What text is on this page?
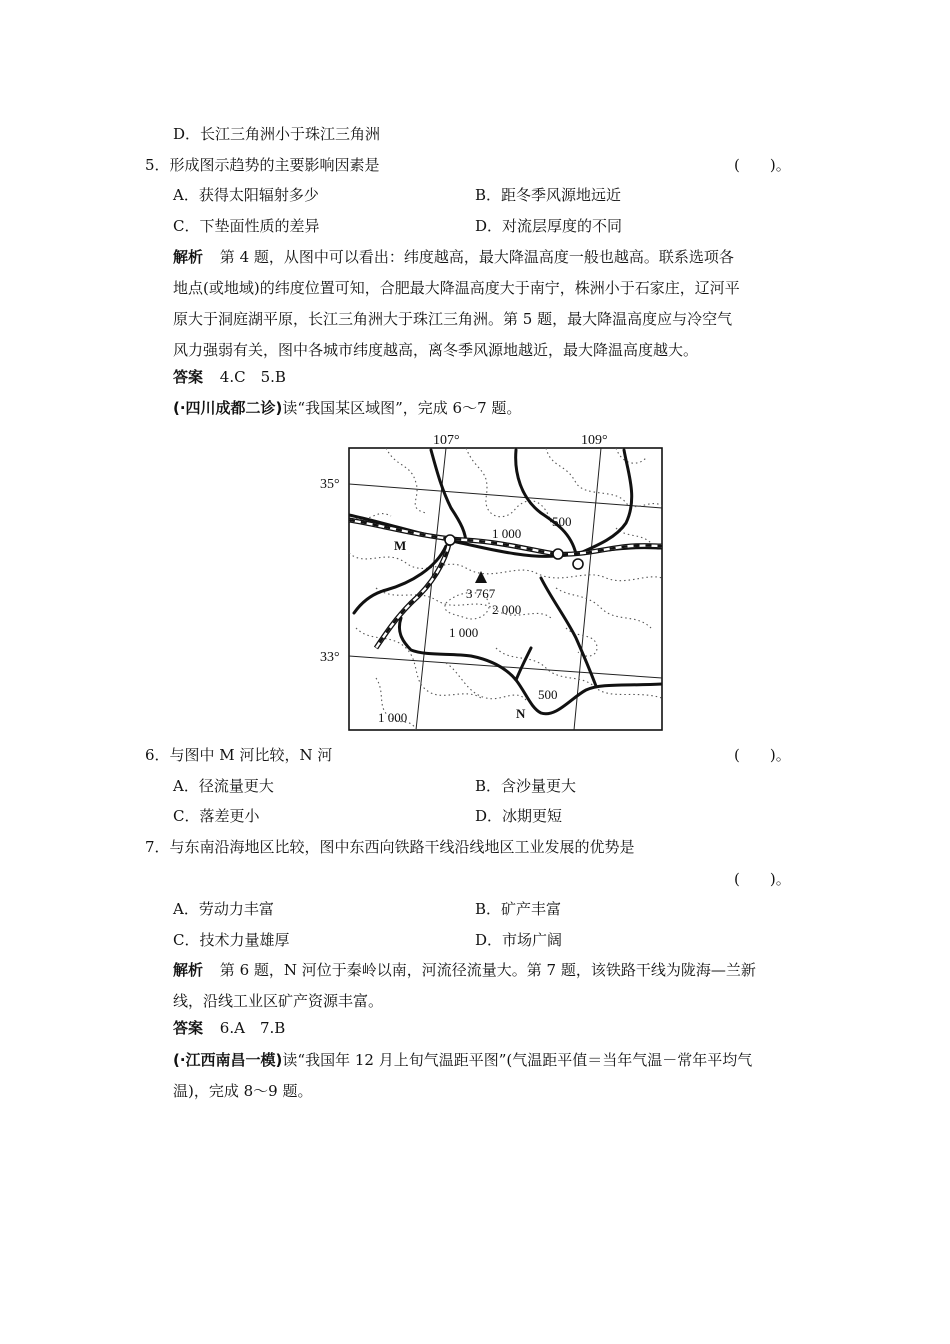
D．长江三角洲小于珠江三角洲
5．形成图示趋势的主要影响因素是	(　　)。
A．获得太阳辐射多少	B．距冬季风源地远近
C．下垫面性质的差异	D．对流层厚度的不同
解析 第 4 题，从图中可以看出：纬度越高，最大降温高度一般也越高。联系选项各
地点(或地域)的纬度位置可知，合肥最大降温高度大于南宁，株洲小于石家庄，辽河平
原大于洞庭湖平原，长江三角洲大于珠江三角洲。第 5 题，最大降温高度应与冷空气
风力强弱有关，图中各城市纬度越高，离冬季风源地越近，最大降温高度越大。
答案 4.C　5.B
(·四川成都二诊)读“我国某区域图”，完成 6～7 题。
107°	109°
35°
33°
M
N
500
1 000
3 767
2 000
1 000
500
1 000
6．与图中 M 河比较，N 河	(　　)。
A．径流量更大	B．含沙量更大
C．落差更小	D．冰期更短
7．与东南沿海地区比较，图中东西向铁路干线沿线地区工业发展的优势是
(　　)。
A．劳动力丰富	B．矿产丰富
C．技术力量雄厚	D．市场广阔
解析 第 6 题，N 河位于秦岭以南，河流径流量大。第 7 题，该铁路干线为陇海—兰新
线，沿线工业区矿产资源丰富。
答案 6.A　7.B
(·江西南昌一模)读“我国年 12 月上旬气温距平图”(气温距平值＝当年气温－常年平均气
温)，完成 8～9 题。
